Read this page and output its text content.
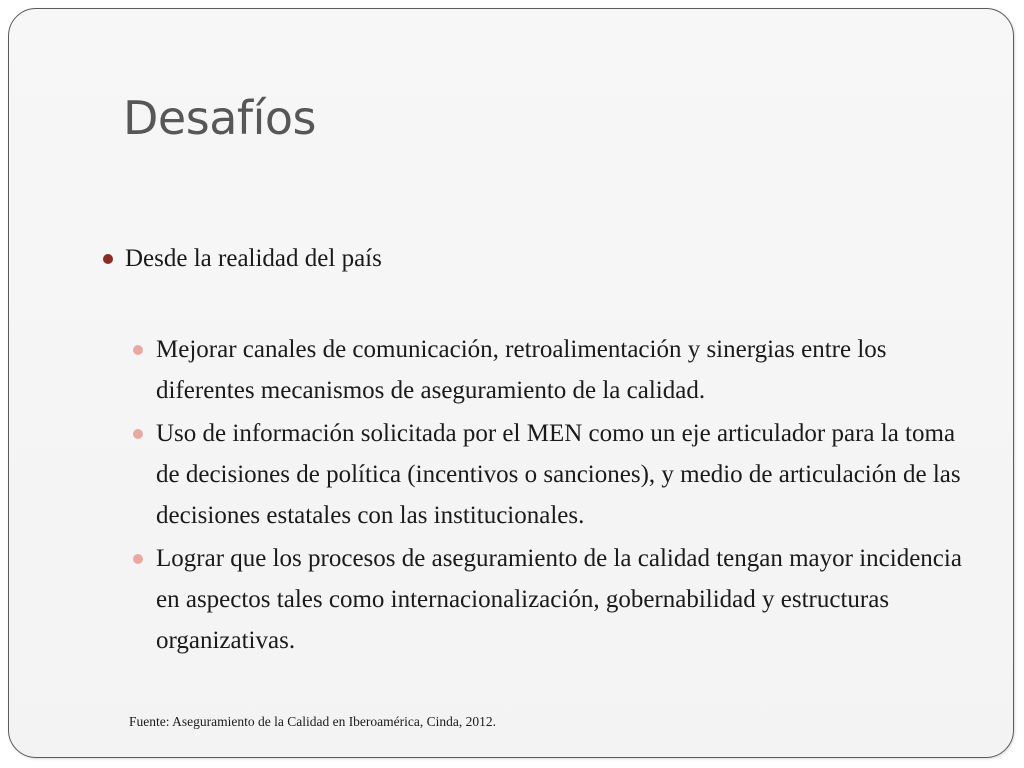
Desafíos
Desde la realidad del país
Mejorar canales de comunicación, retroalimentación y sinergias entre los diferentes mecanismos de aseguramiento de la calidad.
Uso de información solicitada por el MEN como un eje articulador para la toma de decisiones de política (incentivos o sanciones), y medio de articulación de las decisiones estatales con las institucionales.
Lograr que los procesos de aseguramiento de la calidad tengan mayor incidencia en aspectos tales como internacionalización, gobernabilidad y estructuras organizativas.
Fuente: Aseguramiento de la Calidad en Iberoamérica, Cinda, 2012.
